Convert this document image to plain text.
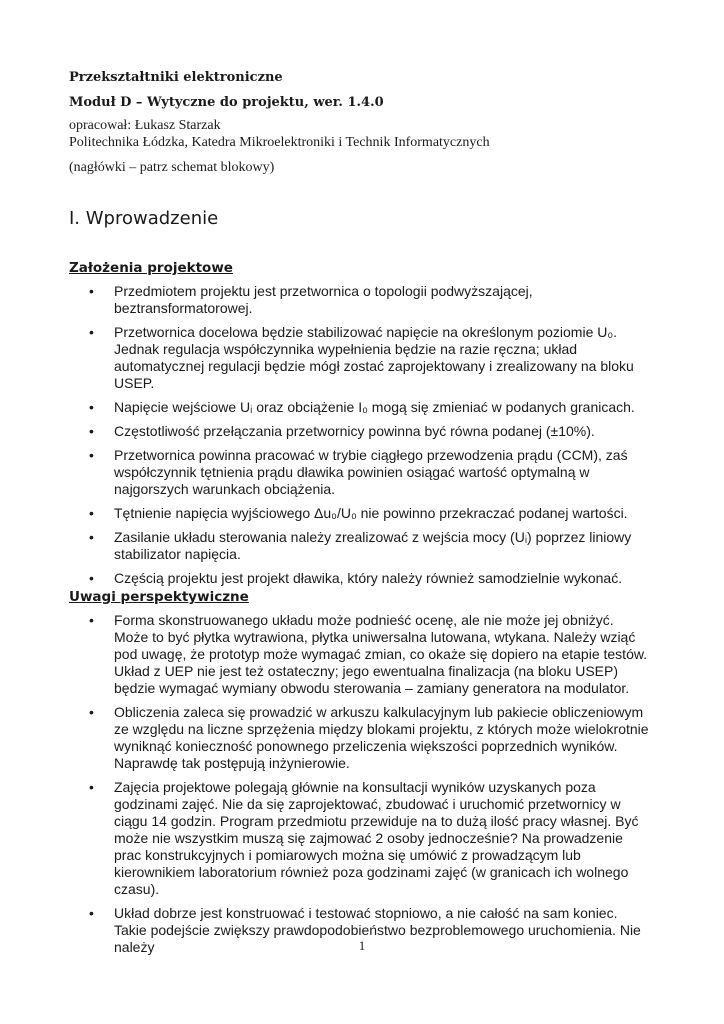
Przekształtniki elektroniczne
Moduł D – Wytyczne do projektu, wer. 1.4.0
opracował: Łukasz Starzak
Politechnika Łódzka, Katedra Mikroelektroniki i Technik Informatycznych
(nagłówki – patrz schemat blokowy)
I. Wprowadzenie
Założenia projektowe
• Przedmiotem projektu jest przetwornica o topologii podwyższającej, beztransformatorowej.
• Przetwornica docelowa będzie stabilizować napięcie na określonym poziomie U₀. Jednak regulacja współczynnika wypełnienia będzie na razie ręczna; układ automatycznej regulacji będzie mógł zostać zaprojektowany i zrealizowany na bloku USEP.
• Napięcie wejściowe Uᵢ oraz obciążenie I₀ mogą się zmieniać w podanych granicach.
• Częstotliwość przełączania przetwornicy powinna być równa podanej (±10%).
• Przetwornica powinna pracować w trybie ciągłego przewodzenia prądu (CCM), zaś współczynnik tętnienia prądu dławika powinien osiągać wartość optymalną w najgorszych warunkach obciążenia.
• Tętnienie napięcia wyjściowego Δu₀/U₀ nie powinno przekraczać podanej wartości.
• Zasilanie układu sterowania należy zrealizować z wejścia mocy (Uᵢ) poprzez liniowy stabilizator napięcia.
• Częścią projektu jest projekt dławika, który należy również samodzielnie wykonać.
Uwagi perspektywiczne
• Forma skonstruowanego układu może podnieść ocenę, ale nie może jej obniżyć. Może to być płytka wytrawiona, płytka uniwersalna lutowana, wtykana. Należy wziąć pod uwagę, że prototyp może wymagać zmian, co okaże się dopiero na etapie testów. Układ z UEP nie jest też ostateczny; jego ewentualna finalizacja (na bloku USEP) będzie wymagać wymiany obwodu sterowania – zamiany generatora na modulator.
• Obliczenia zaleca się prowadzić w arkuszu kalkulacyjnym lub pakiecie obliczeniowym ze względu na liczne sprzężenia między blokami projektu, z których może wielokrotnie wyniknąć konieczność ponownego przeliczenia większości poprzednich wyników. Naprawdę tak postępują inżynierowie.
• Zajęcia projektowe polegają głównie na konsultacji wyników uzyskanych poza godzinami zajęć. Nie da się zaprojektować, zbudować i uruchomić przetwornicy w ciągu 14 godzin. Program przedmiotu przewiduje na to dużą ilość pracy własnej. Być może nie wszystkim muszą się zajmować 2 osoby jednocześnie? Na prowadzenie prac konstrukcyjnych i pomiarowych można się umówić z prowadzącym lub kierownikiem laboratorium również poza godzinami zajęć (w granicach ich wolnego czasu).
• Układ dobrze jest konstruować i testować stopniowo, a nie całość na sam koniec. Takie podejście zwiększy prawdopodobieństwo bezproblemowego uruchomienia. Nie należy	1
